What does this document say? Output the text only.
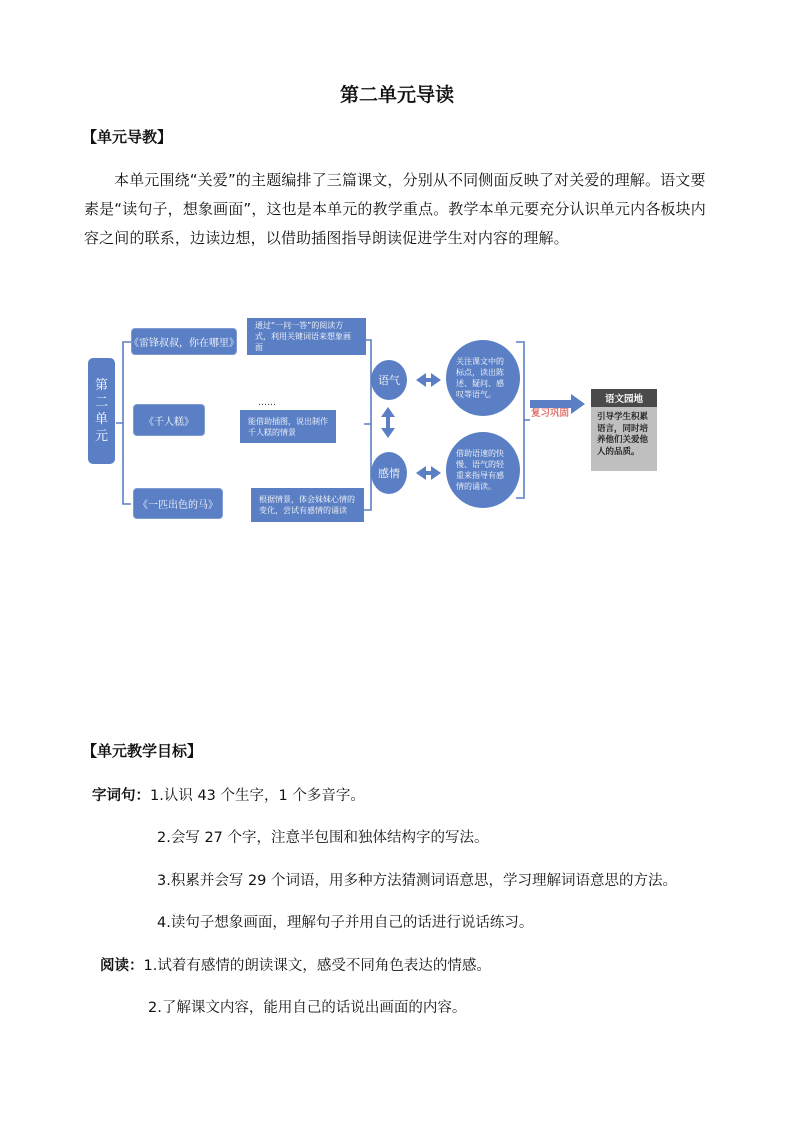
第二单元导读
【单元导教】

本单元围绕“关爱”的主题编排了三篇课文，分别从不同侧面反映了对关爱的理解。语文要素是“读句子，想象画面”，这也是本单元的教学重点。教学本单元要充分认识单元内各板块内容之间的联系，边读边想，以借助插图指导朗读促进学生对内容的理解。

第
二
单
元
《雷锋叔叔，你在哪里》
《千人糕》
《一匹出色的马》
通过“一问一答”的阅读方式，利用关键词语来想象画面
……
能借助插图，说出制作千人糕的情景
根据情景，体会妹妹心情的变化，尝试有感情的诵读
语气
感情
关注课文中的标点，读出陈述、疑问、感叹等语气。
借助语速的快慢、语气的轻重来指导有感情的诵读。
复习巩固
语文园地
引导学生积累语言，同时培养他们关爱他人的品质。
【单元教学目标】
字词句：1.认识 43 个生字，1 个多音字。
2.会写 27 个字，注意半包围和独体结构字的写法。
3.积累并会写 29 个词语，用多种方法猜测词语意思，学习理解词语意思的方法。
4.读句子想象画面，理解句子并用自己的话进行说话练习。
阅读：1.试着有感情的朗读课文，感受不同角色表达的情感。
2.了解课文内容，能用自己的话说出画面的内容。
